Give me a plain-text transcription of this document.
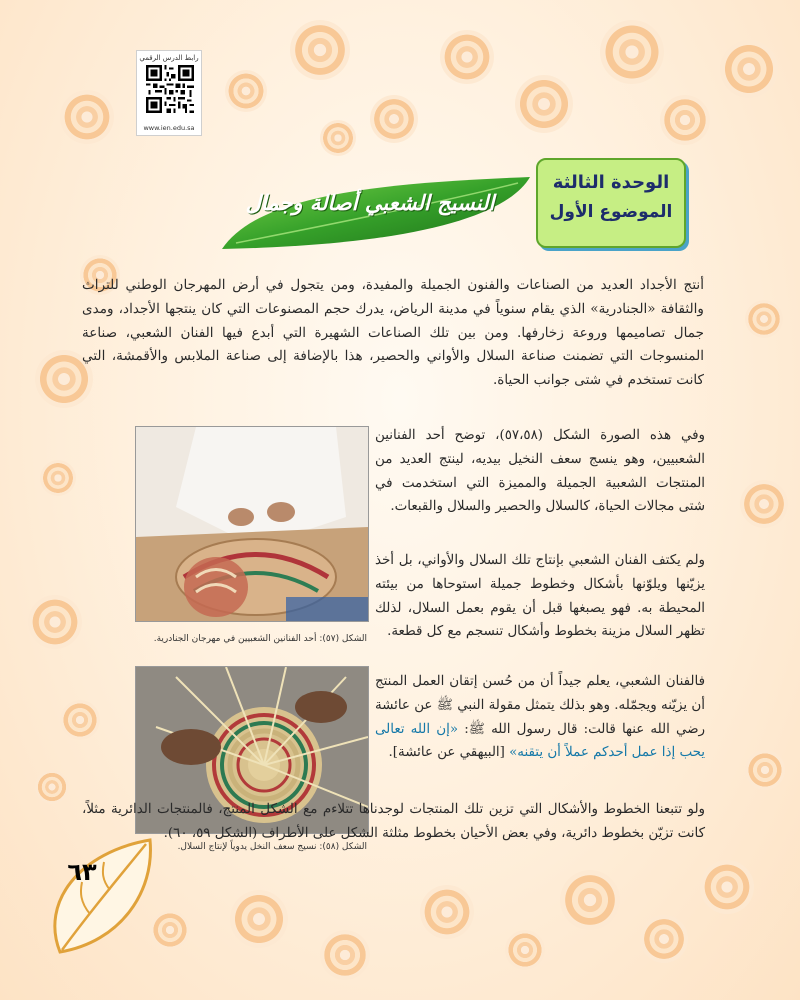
رابط الدرس الرقمي
www.ien.edu.sa
الوحدة الثالثة
الموضوع الأول
النسيج الشعبي أصالة وجمال
أنتج الأجداد العديد من الصناعات والفنون الجميلة والمفيدة، ومن يتجول في أرض المهرجان الوطني للتراث والثقافة «الجنادرية» الذي يقام سنوياً في مدينة الرياض، يدرك حجم المصنوعات التي كان ينتجها الأجداد، ومدى جمال تصاميمها وروعة زخارفها. ومن بين تلك الصناعات الشهيرة التي أبدع فيها الفنان الشعبي، صناعة المنسوجات التي تضمنت صناعة السلال والأواني والحصير، هذا بالإضافة إلى صناعة الملابس والأقمشة، التي كانت تستخدم في شتى جوانب الحياة.
الشكل (٥٧): أحد الفنانين الشعبيين في مهرجان الجنادرية.
الشكل (٥٨): نسيج سعف النخل يدوياً لإنتاج السلال.
وفي هذه الصورة الشكل (٥٧،٥٨)، توضح أحد الفنانين الشعبيين، وهو ينسج سعف النخيل بيديه، لينتج العديد من المنتجات الشعبية الجميلة والمميزة التي استخدمت في شتى مجالات الحياة، كالسلال والحصير والسلال والقبعات.
ولم يكتف الفنان الشعبي بإنتاج تلك السلال والأواني، بل أخذ يزيّنها ويلوّنها بأشكال وخطوط جميلة استوحاها من بيئته المحيطة به. فهو يصبغها قبل أن يقوم بعمل السلال، لذلك تظهر السلال مزينة بخطوط وأشكال تنسجم مع كل قطعة.
فالفنان الشعبي، يعلم جيداً أن من حُسن إتقان العمل المنتج أن يزيّنه ويجمّله. وهو بذلك يتمثل مقولة النبي ﷺ عن عائشة رضي الله عنها قالت: قال رسول الله ﷺ: «إن الله تعالى يحب إذا عمل أحدكم عملاً أن يتقنه» [البيهقي عن عائشة].
ولو تتبعنا الخطوط والأشكال التي تزين تلك المنتجات لوجدناها تتلاءم مع الشكل المنتج، فالمنتجات الدائرية مثلاً، كانت تزيّن بخطوط دائرية، وفي بعض الأحيان بخطوط مثلثة الشكل على الأطراف (الشكل ٥٩، ٦٠).
٦٣
